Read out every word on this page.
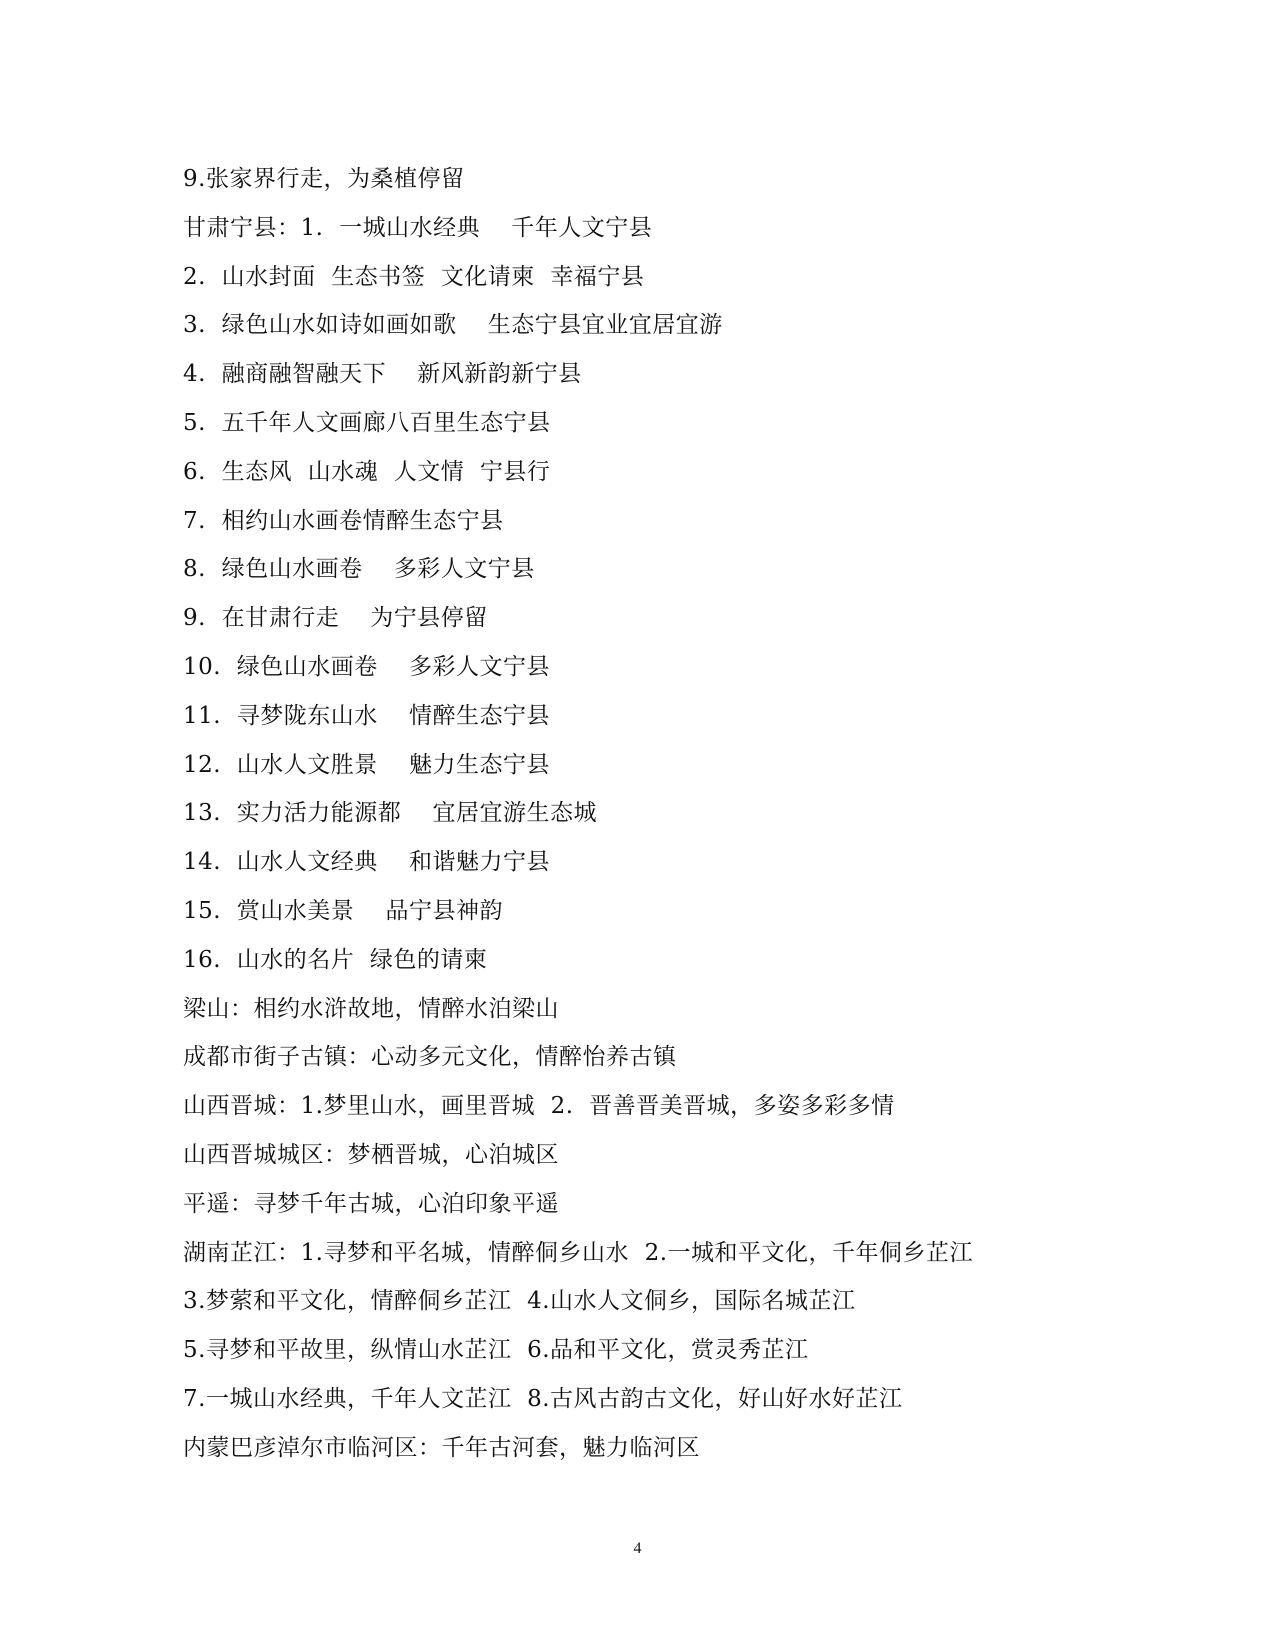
9.张家界行走，为桑植停留
甘肃宁县：1.  一城山水经典    千年人文宁县
2.  山水封面  生态书签  文化请柬  幸福宁县
3.  绿色山水如诗如画如歌    生态宁县宜业宜居宜游
4.  融商融智融天下    新风新韵新宁县
5.  五千年人文画廊八百里生态宁县
6.  生态风  山水魂  人文情  宁县行
7.  相约山水画卷情醉生态宁县
8.  绿色山水画卷    多彩人文宁县
9.  在甘肃行走    为宁县停留
10.  绿色山水画卷    多彩人文宁县
11.  寻梦陇东山水    情醉生态宁县
12.  山水人文胜景    魅力生态宁县
13.  实力活力能源都    宜居宜游生态城
14.  山水人文经典    和谐魅力宁县
15.  赏山水美景    品宁县神韵
16.  山水的名片  绿色的请柬
梁山：相约水浒故地，情醉水泊梁山
成都市街子古镇：心动多元文化，情醉怡养古镇
山西晋城：1.梦里山水，画里晋城  2.  晋善晋美晋城，多姿多彩多情
山西晋城城区：梦栖晋城，心泊城区
平遥：寻梦千年古城，心泊印象平遥
湖南芷江：1.寻梦和平名城，情醉侗乡山水  2.一城和平文化，千年侗乡芷江
3.梦萦和平文化，情醉侗乡芷江  4.山水人文侗乡，国际名城芷江
5.寻梦和平故里，纵情山水芷江  6.品和平文化，赏灵秀芷江
7.一城山水经典，千年人文芷江  8.古风古韵古文化，好山好水好芷江
内蒙巴彦淖尔市临河区：千年古河套，魅力临河区
4
